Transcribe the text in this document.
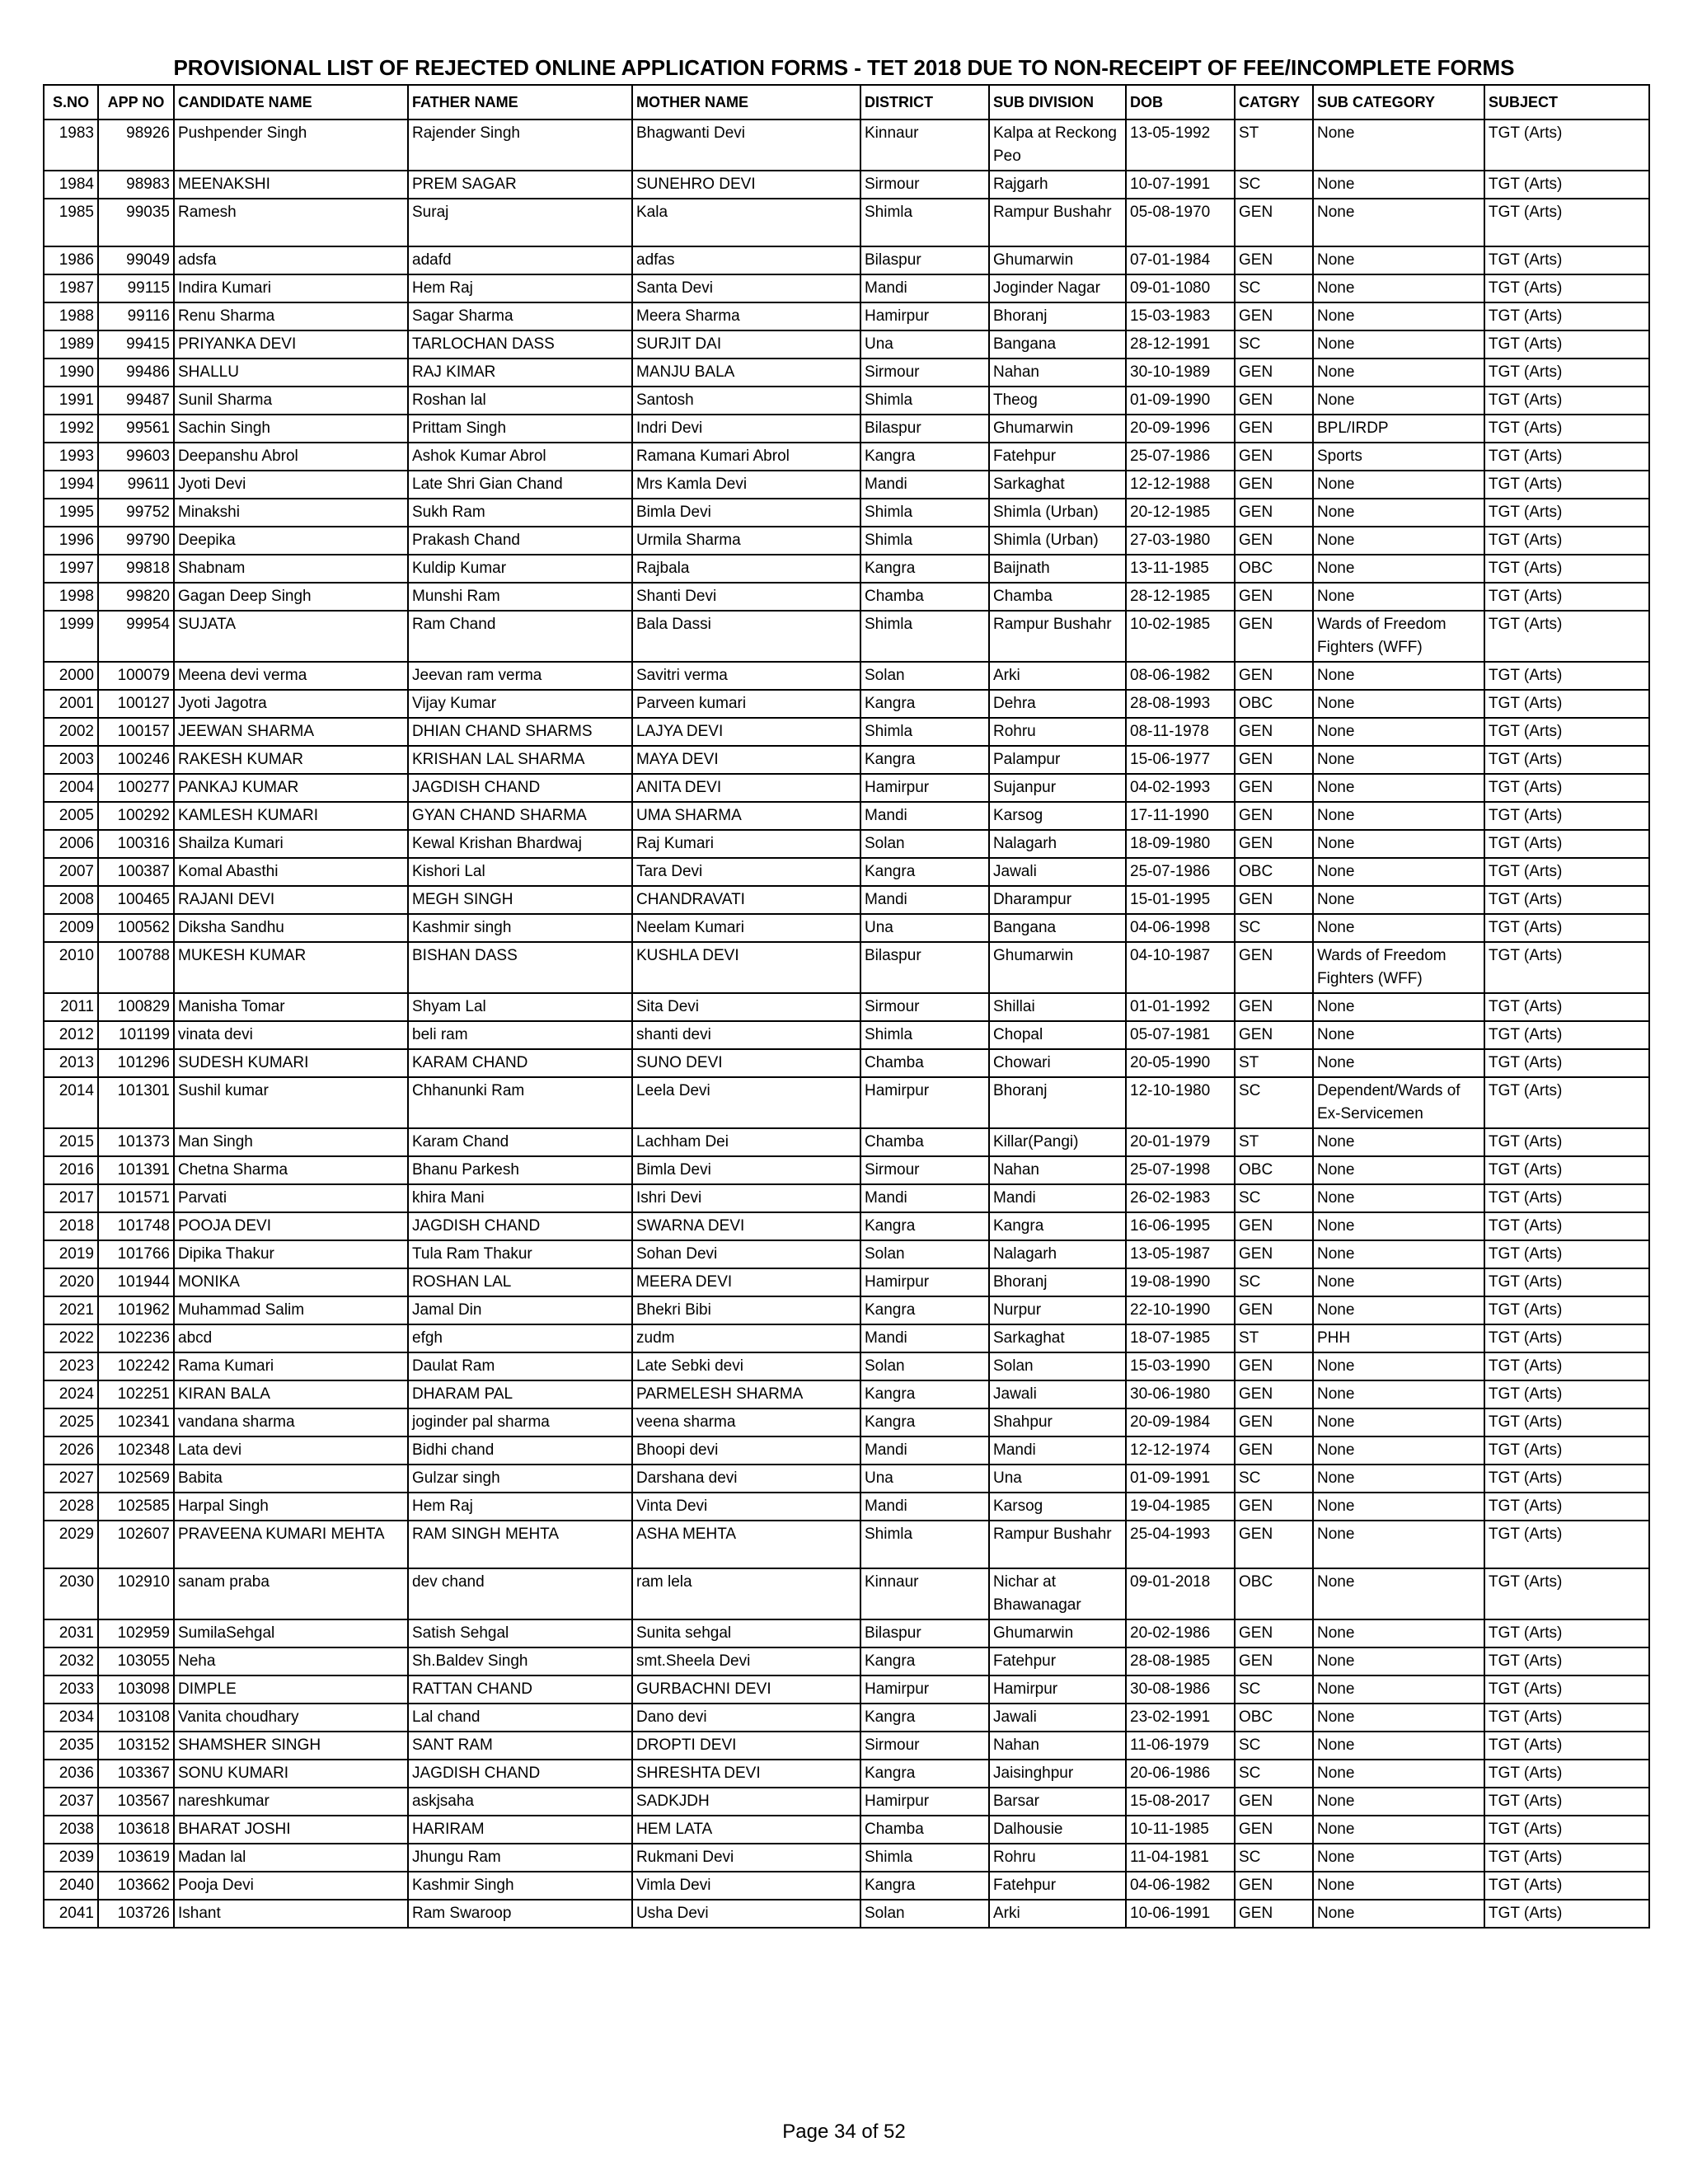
PROVISIONAL LIST OF REJECTED ONLINE APPLICATION FORMS - TET 2018 DUE TO NON-RECEIPT OF FEE/INCOMPLETE FORMS
S.NO	APP NO	CANDIDATE NAME	FATHER NAME	MOTHER NAME	DISTRICT	SUB DIVISION	DOB	CATGRY	SUB CATEGORY	SUBJECT
1983	98926	Pushpender Singh	Rajender Singh	Bhagwanti Devi	Kinnaur	Kalpa at Reckong Peo	13-05-1992	ST	None	TGT (Arts)
1984	98983	MEENAKSHI	PREM SAGAR	SUNEHRO DEVI	Sirmour	Rajgarh	10-07-1991	SC	None	TGT (Arts)
1985	99035	Ramesh	Suraj	Kala	Shimla	Rampur Bushahr	05-08-1970	GEN	None	TGT (Arts)
1986	99049	adsfa	adafd	adfas	Bilaspur	Ghumarwin	07-01-1984	GEN	None	TGT (Arts)
1987	99115	Indira Kumari	Hem Raj	Santa Devi	Mandi	Joginder Nagar	09-01-1080	SC	None	TGT (Arts)
1988	99116	Renu Sharma	Sagar Sharma	Meera Sharma	Hamirpur	Bhoranj	15-03-1983	GEN	None	TGT (Arts)
1989	99415	PRIYANKA DEVI	TARLOCHAN DASS	SURJIT DAI	Una	Bangana	28-12-1991	SC	None	TGT (Arts)
1990	99486	SHALLU	RAJ KIMAR	MANJU BALA	Sirmour	Nahan	30-10-1989	GEN	None	TGT (Arts)
1991	99487	Sunil Sharma	Roshan lal	Santosh	Shimla	Theog	01-09-1990	GEN	None	TGT (Arts)
1992	99561	Sachin Singh	Prittam Singh	Indri Devi	Bilaspur	Ghumarwin	20-09-1996	GEN	BPL/IRDP	TGT (Arts)
1993	99603	Deepanshu Abrol	Ashok Kumar Abrol	Ramana Kumari Abrol	Kangra	Fatehpur	25-07-1986	GEN	Sports	TGT (Arts)
1994	99611	Jyoti Devi	Late Shri Gian Chand	Mrs Kamla Devi	Mandi	Sarkaghat	12-12-1988	GEN	None	TGT (Arts)
1995	99752	Minakshi	Sukh Ram	Bimla Devi	Shimla	Shimla (Urban)	20-12-1985	GEN	None	TGT (Arts)
1996	99790	Deepika	Prakash Chand	Urmila Sharma	Shimla	Shimla (Urban)	27-03-1980	GEN	None	TGT (Arts)
1997	99818	Shabnam	Kuldip Kumar	Rajbala	Kangra	Baijnath	13-11-1985	OBC	None	TGT (Arts)
1998	99820	Gagan Deep Singh	Munshi Ram	Shanti Devi	Chamba	Chamba	28-12-1985	GEN	None	TGT (Arts)
1999	99954	SUJATA	Ram Chand	Bala Dassi	Shimla	Rampur Bushahr	10-02-1985	GEN	Wards of Freedom Fighters (WFF)	TGT (Arts)
2000	100079	Meena devi verma	Jeevan ram verma	Savitri verma	Solan	Arki	08-06-1982	GEN	None	TGT (Arts)
2001	100127	Jyoti Jagotra	Vijay Kumar	Parveen kumari	Kangra	Dehra	28-08-1993	OBC	None	TGT (Arts)
2002	100157	JEEWAN SHARMA	DHIAN CHAND SHARMS	LAJYA DEVI	Shimla	Rohru	08-11-1978	GEN	None	TGT (Arts)
2003	100246	RAKESH KUMAR	KRISHAN LAL SHARMA	MAYA DEVI	Kangra	Palampur	15-06-1977	GEN	None	TGT (Arts)
2004	100277	PANKAJ KUMAR	JAGDISH CHAND	ANITA DEVI	Hamirpur	Sujanpur	04-02-1993	GEN	None	TGT (Arts)
2005	100292	KAMLESH KUMARI	GYAN CHAND SHARMA	UMA SHARMA	Mandi	Karsog	17-11-1990	GEN	None	TGT (Arts)
2006	100316	Shailza Kumari	Kewal Krishan Bhardwaj	Raj Kumari	Solan	Nalagarh	18-09-1980	GEN	None	TGT (Arts)
2007	100387	Komal Abasthi	Kishori Lal	Tara Devi	Kangra	Jawali	25-07-1986	OBC	None	TGT (Arts)
2008	100465	RAJANI DEVI	MEGH SINGH	CHANDRAVATI	Mandi	Dharampur	15-01-1995	GEN	None	TGT (Arts)
2009	100562	Diksha Sandhu	Kashmir singh	Neelam Kumari	Una	Bangana	04-06-1998	SC	None	TGT (Arts)
2010	100788	MUKESH KUMAR	BISHAN DASS	KUSHLA DEVI	Bilaspur	Ghumarwin	04-10-1987	GEN	Wards of Freedom Fighters (WFF)	TGT (Arts)
2011	100829	Manisha Tomar	Shyam Lal	Sita Devi	Sirmour	Shillai	01-01-1992	GEN	None	TGT (Arts)
2012	101199	vinata devi	beli ram	shanti devi	Shimla	Chopal	05-07-1981	GEN	None	TGT (Arts)
2013	101296	SUDESH KUMARI	KARAM CHAND	SUNO DEVI	Chamba	Chowari	20-05-1990	ST	None	TGT (Arts)
2014	101301	Sushil kumar	Chhanunki Ram	Leela Devi	Hamirpur	Bhoranj	12-10-1980	SC	Dependent/Wards of Ex-Servicemen	TGT (Arts)
2015	101373	Man Singh	Karam Chand	Lachham Dei	Chamba	Killar(Pangi)	20-01-1979	ST	None	TGT (Arts)
2016	101391	Chetna Sharma	Bhanu Parkesh	Bimla Devi	Sirmour	Nahan	25-07-1998	OBC	None	TGT (Arts)
2017	101571	Parvati	khira Mani	Ishri Devi	Mandi	Mandi	26-02-1983	SC	None	TGT (Arts)
2018	101748	POOJA DEVI	JAGDISH CHAND	SWARNA DEVI	Kangra	Kangra	16-06-1995	GEN	None	TGT (Arts)
2019	101766	Dipika Thakur	Tula Ram Thakur	Sohan Devi	Solan	Nalagarh	13-05-1987	GEN	None	TGT (Arts)
2020	101944	MONIKA	ROSHAN LAL	MEERA DEVI	Hamirpur	Bhoranj	19-08-1990	SC	None	TGT (Arts)
2021	101962	Muhammad Salim	Jamal Din	Bhekri Bibi	Kangra	Nurpur	22-10-1990	GEN	None	TGT (Arts)
2022	102236	abcd	efgh	zudm	Mandi	Sarkaghat	18-07-1985	ST	PHH	TGT (Arts)
2023	102242	Rama Kumari	Daulat Ram	Late Sebki devi	Solan	Solan	15-03-1990	GEN	None	TGT (Arts)
2024	102251	KIRAN BALA	DHARAM PAL	PARMELESH SHARMA	Kangra	Jawali	30-06-1980	GEN	None	TGT (Arts)
2025	102341	vandana sharma	joginder pal sharma	veena sharma	Kangra	Shahpur	20-09-1984	GEN	None	TGT (Arts)
2026	102348	Lata devi	Bidhi chand	Bhoopi devi	Mandi	Mandi	12-12-1974	GEN	None	TGT (Arts)
2027	102569	Babita	Gulzar singh	Darshana devi	Una	Una	01-09-1991	SC	None	TGT (Arts)
2028	102585	Harpal Singh	Hem Raj	Vinta Devi	Mandi	Karsog	19-04-1985	GEN	None	TGT (Arts)
2029	102607	PRAVEENA KUMARI MEHTA	RAM SINGH MEHTA	ASHA MEHTA	Shimla	Rampur Bushahr	25-04-1993	GEN	None	TGT (Arts)
2030	102910	sanam praba	dev chand	ram lela	Kinnaur	Nichar at Bhawanagar	09-01-2018	OBC	None	TGT (Arts)
2031	102959	SumilaSehgal	Satish Sehgal	Sunita sehgal	Bilaspur	Ghumarwin	20-02-1986	GEN	None	TGT (Arts)
2032	103055	Neha	Sh.Baldev Singh	smt.Sheela Devi	Kangra	Fatehpur	28-08-1985	GEN	None	TGT (Arts)
2033	103098	DIMPLE	RATTAN CHAND	GURBACHNI DEVI	Hamirpur	Hamirpur	30-08-1986	SC	None	TGT (Arts)
2034	103108	Vanita choudhary	Lal chand	Dano devi	Kangra	Jawali	23-02-1991	OBC	None	TGT (Arts)
2035	103152	SHAMSHER SINGH	SANT RAM	DROPTI DEVI	Sirmour	Nahan	11-06-1979	SC	None	TGT (Arts)
2036	103367	SONU KUMARI	JAGDISH CHAND	SHRESHTA DEVI	Kangra	Jaisinghpur	20-06-1986	SC	None	TGT (Arts)
2037	103567	nareshkumar	askjsaha	SADKJDH	Hamirpur	Barsar	15-08-2017	GEN	None	TGT (Arts)
2038	103618	BHARAT JOSHI	HARIRAM	HEM LATA	Chamba	Dalhousie	10-11-1985	GEN	None	TGT (Arts)
2039	103619	Madan lal	Jhungu Ram	Rukmani Devi	Shimla	Rohru	11-04-1981	SC	None	TGT (Arts)
2040	103662	Pooja Devi	Kashmir Singh	Vimla Devi	Kangra	Fatehpur	04-06-1982	GEN	None	TGT (Arts)
2041	103726	Ishant	Ram Swaroop	Usha Devi	Solan	Arki	10-06-1991	GEN	None	TGT (Arts)
Page 34 of 52
